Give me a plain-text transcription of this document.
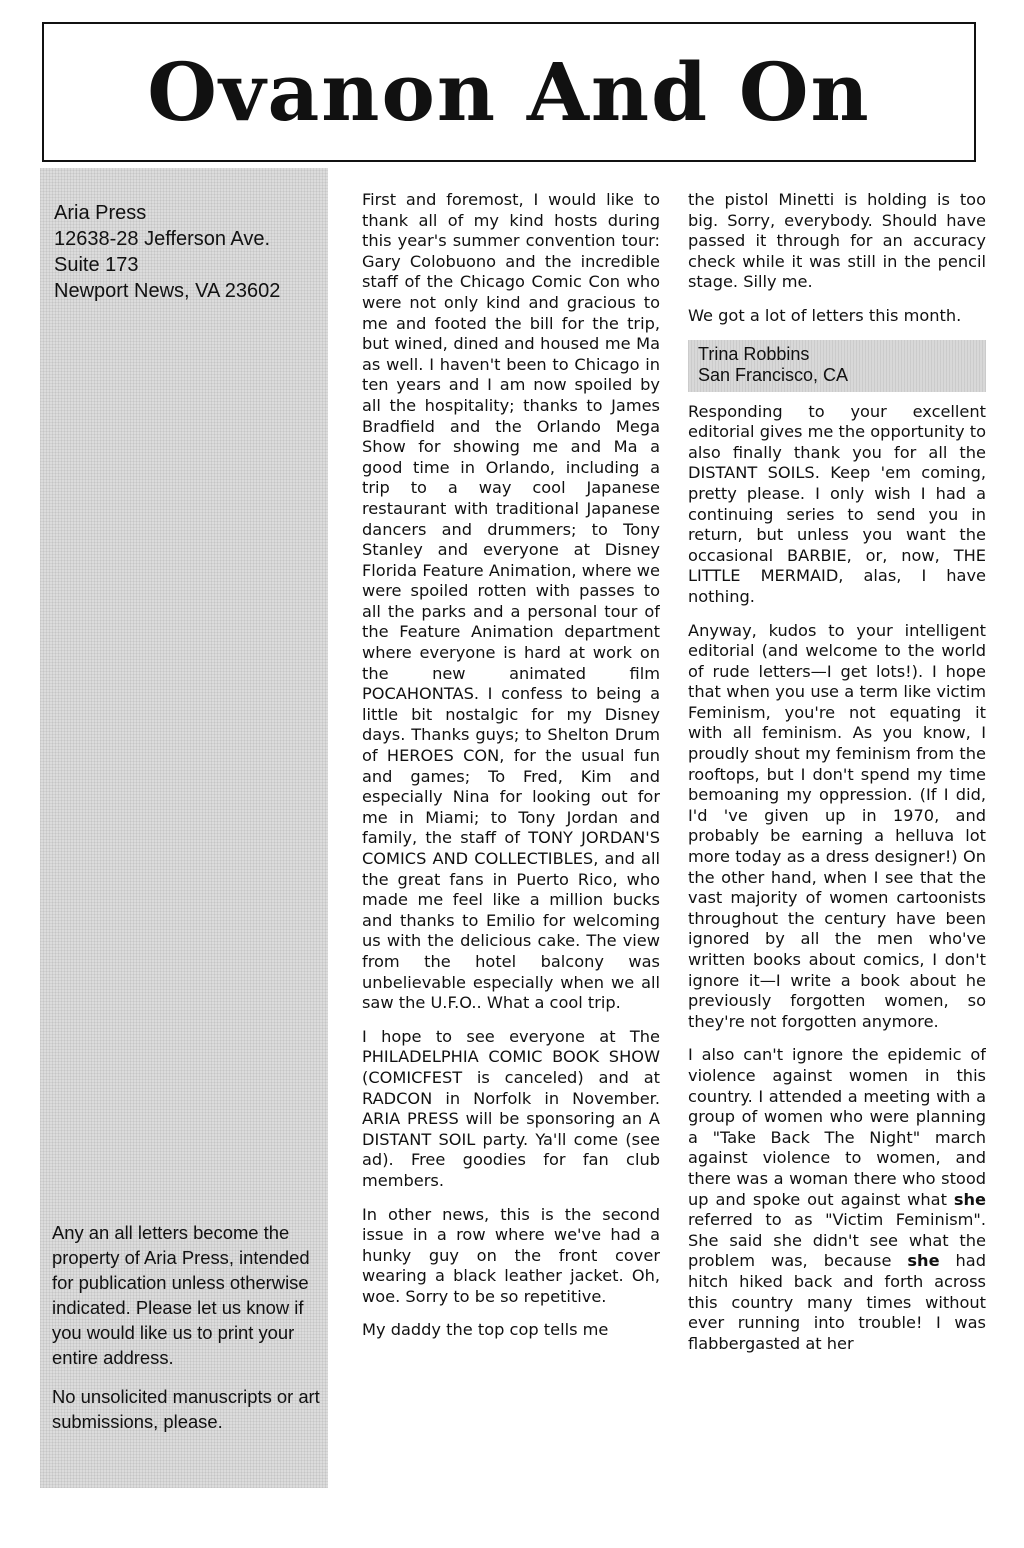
Ovanon And On
Aria Press
12638-28 Jefferson Ave.
Suite 173
Newport News, VA 23602

Any an all letters become the property of Aria Press, intended for publication unless otherwise indicated. Please let us know if you would like us to print your entire address.

No unsolicited manuscripts or art submissions, please.

First and foremost, I would like to thank all of my kind hosts during this year's summer convention tour: Gary Colobuono and the incredible staff of the Chicago Comic Con who were not only kind and gracious to me and footed the bill for the trip, but wined, dined and housed me Ma as well. I haven't been to Chicago in ten years and I am now spoiled by all the hospitality; thanks to James Bradfield and the Orlando Mega Show for showing me and Ma a good time in Orlando, including a trip to a way cool Japanese restaurant with traditional Japanese dancers and drummers; to Tony Stanley and everyone at Disney Florida Feature Animation, where we were spoiled rotten with passes to all the parks and a personal tour of the Feature Animation department where everyone is hard at work on the new animated film POCAHONTAS. I confess to being a little bit nostalgic for my Disney days. Thanks guys; to Shelton Drum of HEROES CON, for the usual fun and games; To Fred, Kim and especially Nina for looking out for me in Miami; to Tony Jordan and family, the staff of TONY JORDAN'S COMICS AND COLLECTIBLES, and all the great fans in Puerto Rico, who made me feel like a million bucks and thanks to Emilio for welcoming us with the delicious cake. The view from the hotel balcony was unbelievable especially when we all saw the U.F.O.. What a cool trip.

I hope to see everyone at The PHILADELPHIA COMIC BOOK SHOW (COMICFEST is canceled) and at RADCON in Norfolk in November. ARIA PRESS will be sponsoring an A DISTANT SOIL party. Ya'll come (see ad). Free goodies for fan club members.

In other news, this is the second issue in a row where we've had a hunky guy on the front cover wearing a black leather jacket. Oh, woe. Sorry to be so repetitive.

My daddy the top cop tells me

the pistol Minetti is holding is too big. Sorry, everybody. Should have passed it through for an accuracy check while it was still in the pencil stage. Silly me.

We got a lot of letters this month.

Trina Robbins
San Francisco, CA

Responding to your excellent editorial gives me the opportunity to also finally thank you for all the DISTANT SOILS. Keep 'em coming, pretty please. I only wish I had a continuing series to send you in return, but unless you want the occasional BARBIE, or, now, THE LITTLE MERMAID, alas, I have nothing.

Anyway, kudos to your intelligent editorial (and welcome to the world of rude letters—I get lots!). I hope that when you use a term like victim Feminism, you're not equating it with all feminism. As you know, I proudly shout my feminism from the rooftops, but I don't spend my time bemoaning my oppression. (If I did, I'd 've given up in 1970, and probably be earning a helluva lot more today as a dress designer!) On the other hand, when I see that the vast majority of women cartoonists throughout the century have been ignored by all the men who've written books about comics, I don't ignore it—I write a book about he previously forgotten women, so they're not forgotten anymore.

I also can't ignore the epidemic of violence against women in this country. I attended a meeting with a group of women who were planning a "Take Back The Night" march against violence to women, and there was a woman there who stood up and spoke out against what she referred to as "Victim Feminism". She said she didn't see what the problem was, because she had hitch hiked back and forth across this country many times without ever running into trouble! I was flabbergasted at her
